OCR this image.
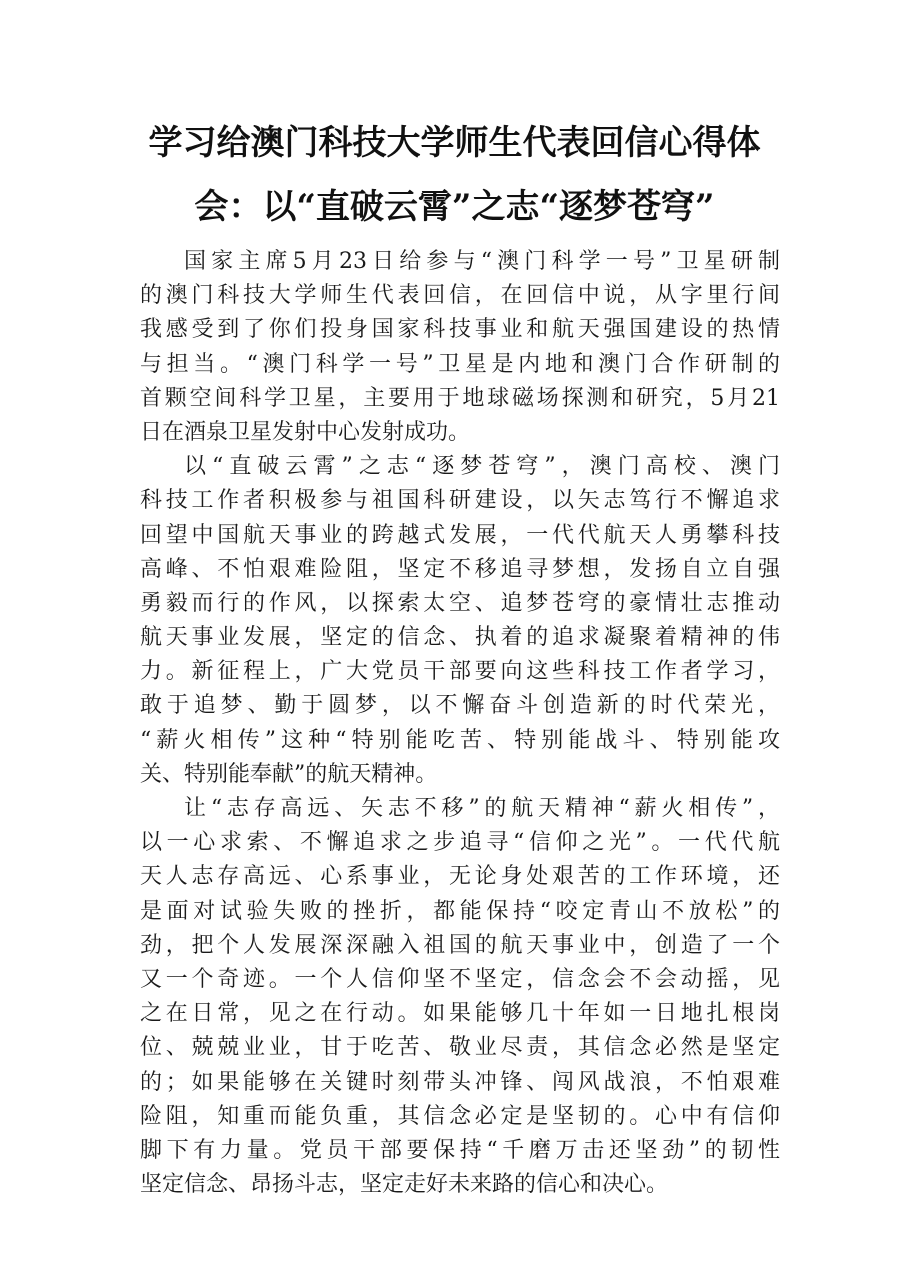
学习给澳门科技大学师生代表回信心得体
会：以“直破云霄”之志“逐梦苍穹”

国家主席5月23日给参与“澳门科学一号”卫星研制
的澳门科技大学师生代表回信，在回信中说，从字里行间
我感受到了你们投身国家科技事业和航天强国建设的热情
与担当。“澳门科学一号”卫星是内地和澳门合作研制的
首颗空间科学卫星，主要用于地球磁场探测和研究，5月21
日在酒泉卫星发射中心发射成功。

以“直破云霄”之志“逐梦苍穹”，澳门高校、澳门
科技工作者积极参与祖国科研建设，以矢志笃行不懈追求
回望中国航天事业的跨越式发展，一代代航天人勇攀科技
高峰、不怕艰难险阻，坚定不移追寻梦想，发扬自立自强
勇毅而行的作风，以探索太空、追梦苍穹的豪情壮志推动
航天事业发展，坚定的信念、执着的追求凝聚着精神的伟
力。新征程上，广大党员干部要向这些科技工作者学习，
敢于追梦、勤于圆梦，以不懈奋斗创造新的时代荣光，
“薪火相传”这种“特别能吃苦、特别能战斗、特别能攻
关、特别能奉献”的航天精神。

让“志存高远、矢志不移”的航天精神“薪火相传”，
以一心求索、不懈追求之步追寻“信仰之光”。一代代航
天人志存高远、心系事业，无论身处艰苦的工作环境，还
是面对试验失败的挫折，都能保持“咬定青山不放松”的
劲，把个人发展深深融入祖国的航天事业中，创造了一个
又一个奇迹。一个人信仰坚不坚定，信念会不会动摇，见
之在日常，见之在行动。如果能够几十年如一日地扎根岗
位、兢兢业业，甘于吃苦、敬业尽责，其信念必然是坚定
的；如果能够在关键时刻带头冲锋、闯风战浪，不怕艰难
险阻，知重而能负重，其信念必定是坚韧的。心中有信仰
脚下有力量。党员干部要保持“千磨万击还坚劲”的韧性
坚定信念、昂扬斗志，坚定走好未来路的信心和决心。
